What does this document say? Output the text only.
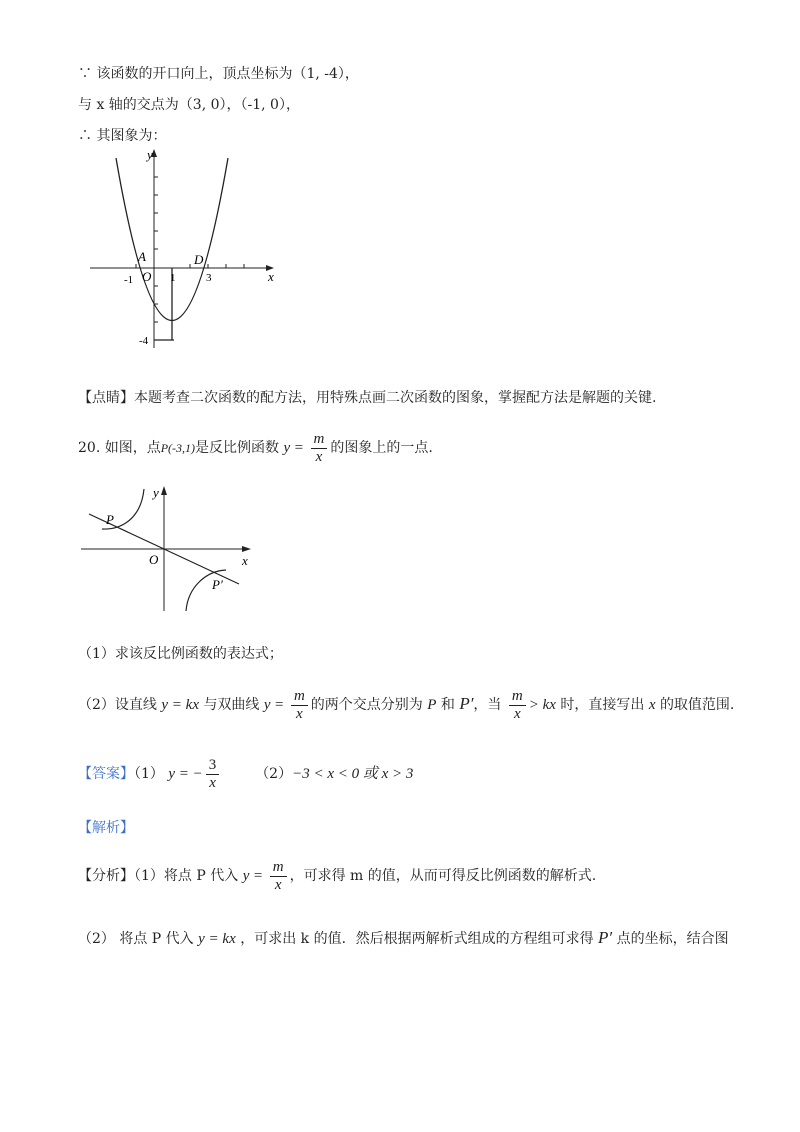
∵ 该函数的开口向上，顶点坐标为（1, -4），
与 x 轴的交点为（3, 0），（-1, 0），
∴ 其图象为：
y
x
A
O
D
-1	1	3
-4
【点睛】本题考查二次函数的配方法，用特殊点画二次函数的图象，掌握配方法是解题的关键.
20. 如图，点P(-3,1)是反比例函数 $y = \frac{m}{x}$ 的图象上的一点.
y
x
P
O
P′
（1）求该反比例函数的表达式；
（2）设直线 y = kx 与双曲线 $y = \frac{m}{x}$ 的两个交点分别为 P 和 P′，当 $\frac{m}{x}$ > kx 时，直接写出 x 的取值范围.
【答案】（1） y = − $\frac{3}{x}$	（2）−3 < x < 0 或 x > 3
【解析】
【分析】（1）将点 P 代入 $y = \frac{m}{x}$ ，可求得 m 的值，从而可得反比例函数的解析式.
（2） 将点 P 代入 y = kx ，可求出 k 的值．然后根据两解析式组成的方程组可求得 P′ 点的坐标，结合图
